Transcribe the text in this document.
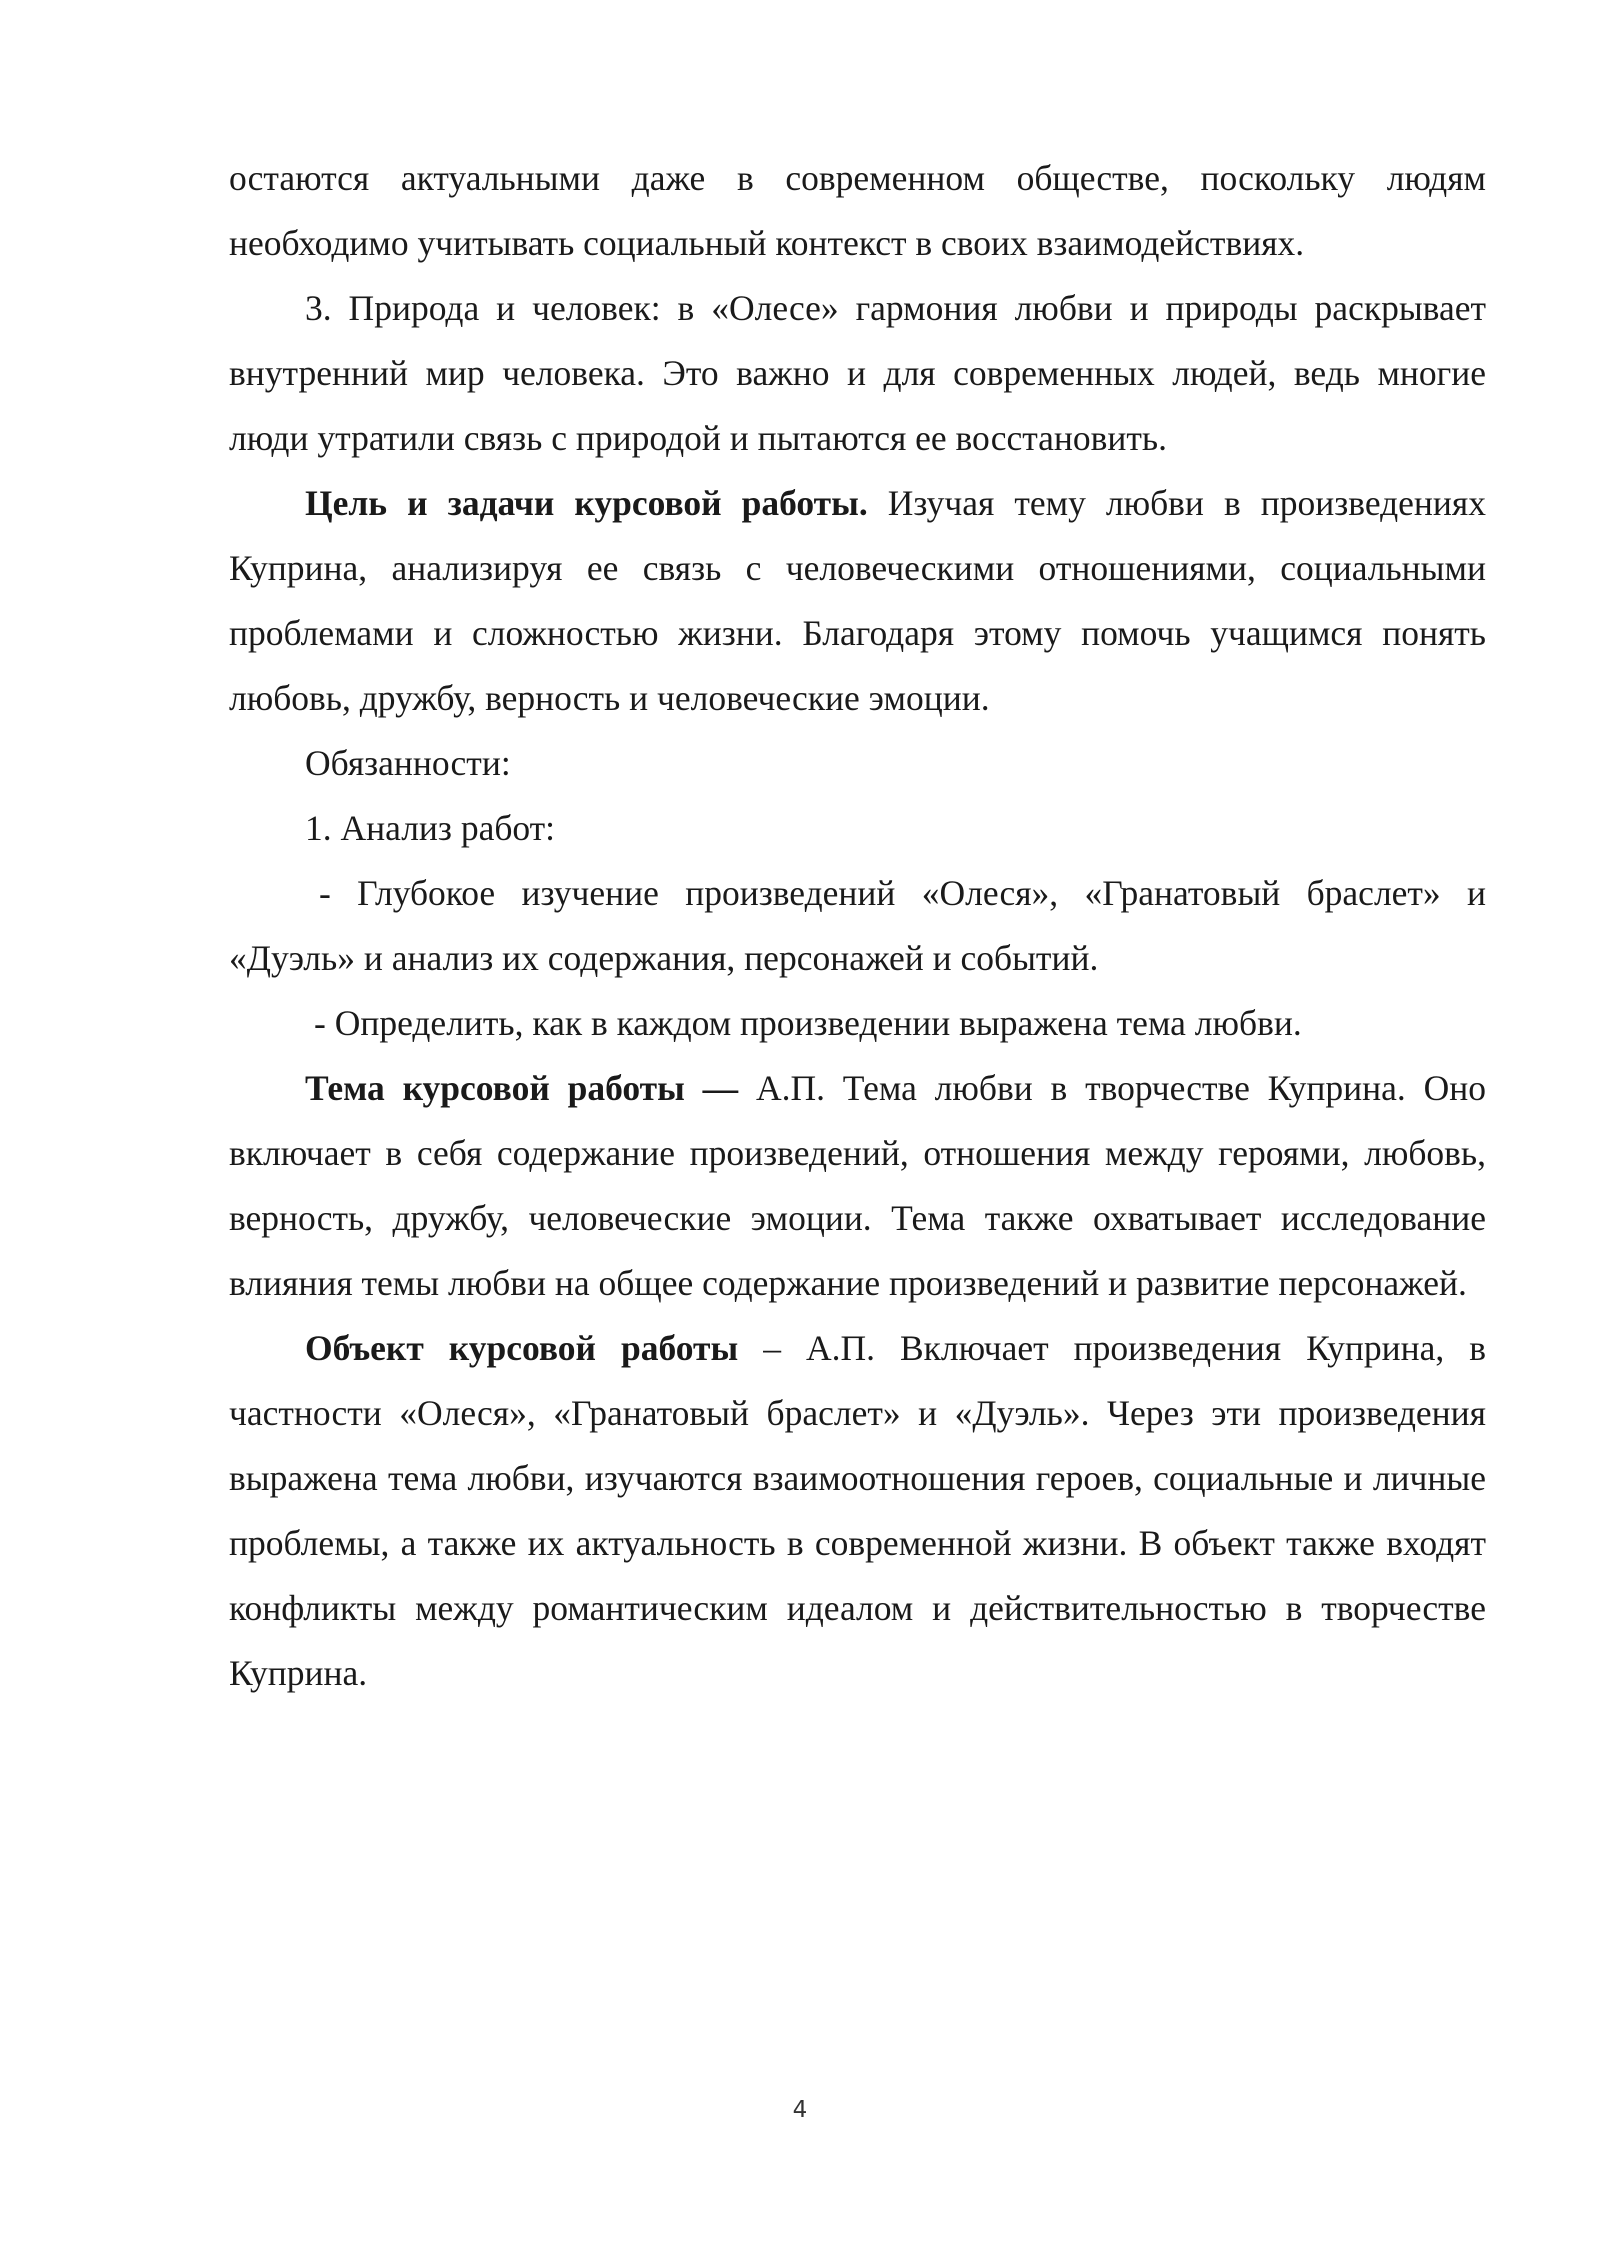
остаются актуальными даже в современном обществе, поскольку людям необходимо учитывать социальный контекст в своих взаимодействиях.

3. Природа и человек: в «Олесе» гармония любви и природы раскрывает внутренний мир человека. Это важно и для современных людей, ведь многие люди утратили связь с природой и пытаются ее восстановить.

Цель и задачи курсовой работы. Изучая тему любви в произведениях Куприна, анализируя ее связь с человеческими отношениями, социальными проблемами и сложностью жизни. Благодаря этому помочь учащимся понять любовь, дружбу, верность и человеческие эмоции.

Обязанности:

1. Анализ работ:

- Глубокое изучение произведений «Олеся», «Гранатовый браслет» и «Дуэль» и анализ их содержания, персонажей и событий.

- Определить, как в каждом произведении выражена тема любви.

Тема курсовой работы — А.П. Тема любви в творчестве Куприна. Оно включает в себя содержание произведений, отношения между героями, любовь, верность, дружбу, человеческие эмоции. Тема также охватывает исследование влияния темы любви на общее содержание произведений и развитие персонажей.

Объект курсовой работы – А.П. Включает произведения Куприна, в частности «Олеся», «Гранатовый браслет» и «Дуэль». Через эти произведения выражена тема любви, изучаются взаимоотношения героев, социальные и личные проблемы, а также их актуальность в современной жизни. В объект также входят конфликты между романтическим идеалом и действительностью в творчестве Куприна.

4
